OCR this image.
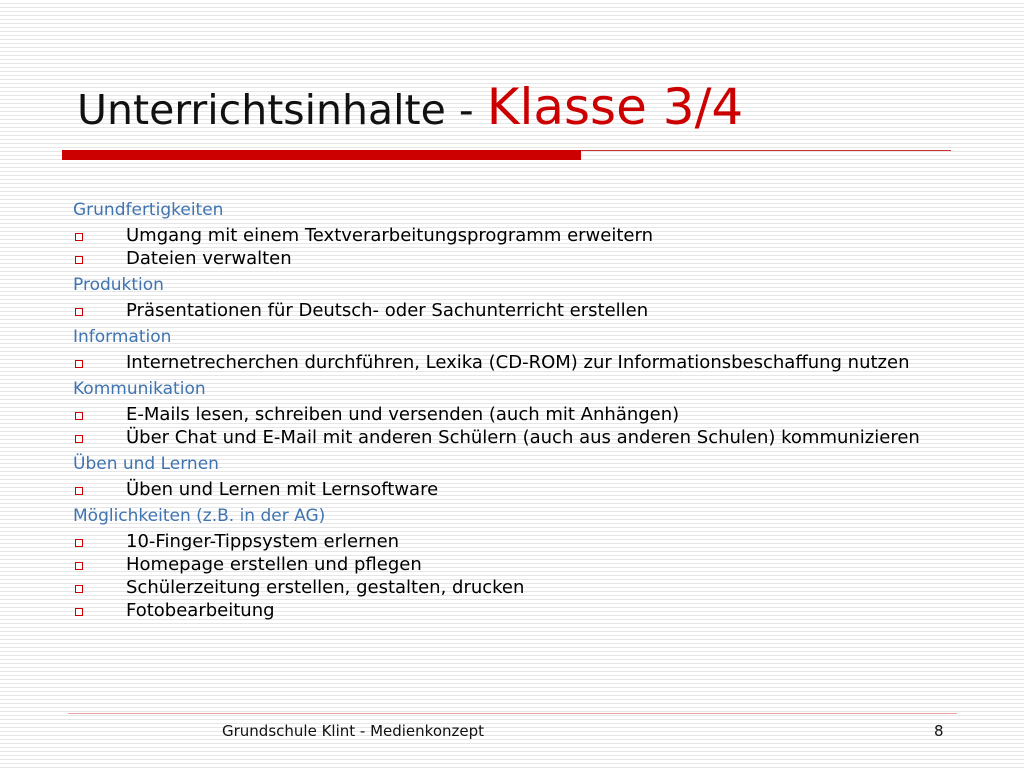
Unterrichtsinhalte - Klasse 3/4
Grundfertigkeiten
Umgang mit einem Textverarbeitungsprogramm erweitern
Dateien verwalten
Produktion
Präsentationen für Deutsch- oder Sachunterricht erstellen
Information
Internetrecherchen durchführen, Lexika (CD-ROM) zur Informationsbeschaffung nutzen
Kommunikation
E-Mails lesen, schreiben und versenden (auch mit Anhängen)
Über Chat und E-Mail mit anderen Schülern (auch aus anderen Schulen) kommunizieren
Üben und Lernen
Üben und Lernen mit Lernsoftware
Möglichkeiten (z.B. in der AG)
10-Finger-Tippsystem erlernen
Homepage erstellen und pflegen
Schülerzeitung erstellen, gestalten, drucken
Fotobearbeitung
Grundschule Klint - Medienkonzept	8
